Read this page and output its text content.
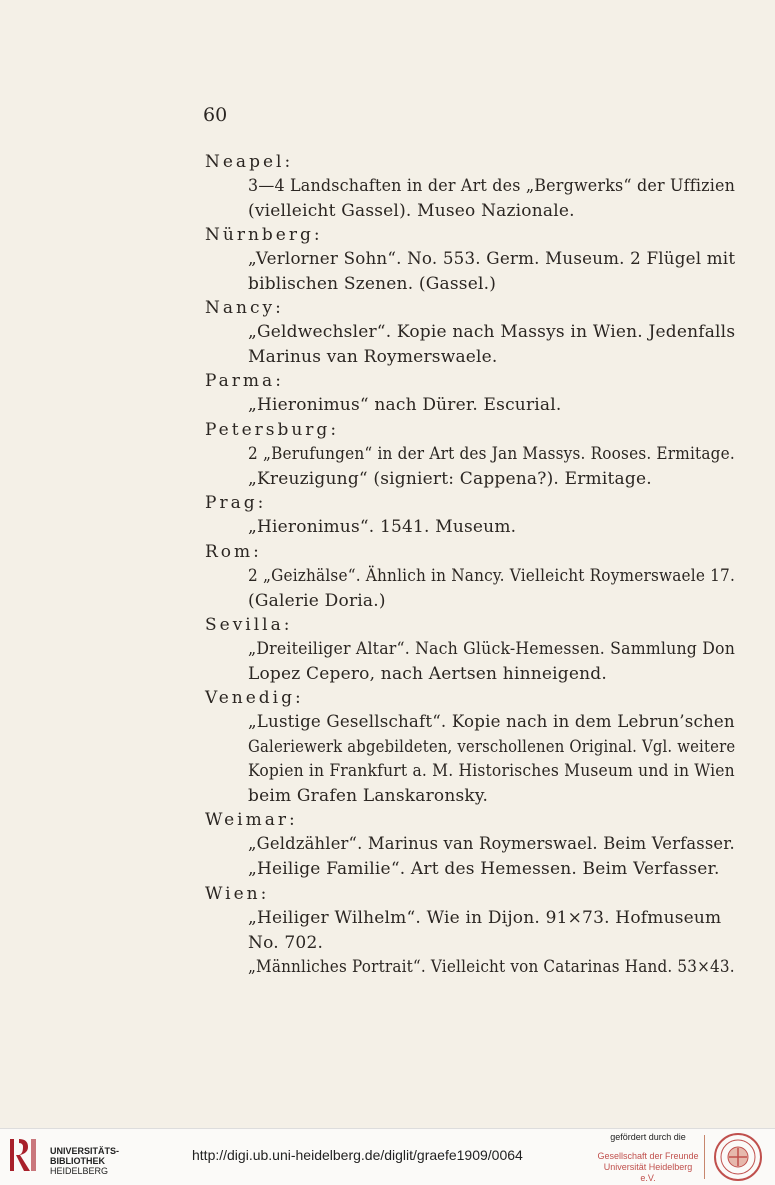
60
Neapel:
3—4 Landschaften in der Art des „Bergwerks“ der Uffizien
(vielleicht Gassel). Museo Nazionale.
Nürnberg:
„Verlorner Sohn“. No. 553. Germ. Museum. 2 Flügel mit
biblischen Szenen. (Gassel.)
Nancy:
„Geldwechsler“. Kopie nach Massys in Wien. Jedenfalls
Marinus van Roymerswaele.
Parma:
„Hieronimus“ nach Dürer. Escurial.
Petersburg:
2 „Berufungen“ in der Art des Jan Massys. Rooses. Ermitage.
„Kreuzigung“ (signiert: Cappena?). Ermitage.
Prag:
„Hieronimus“. 1541. Museum.
Rom:
2 „Geizhälse“. Ähnlich in Nancy. Vielleicht Roymerswaele 17.
(Galerie Doria.)
Sevilla:
„Dreiteiliger Altar“. Nach Glück-Hemessen. Sammlung Don
Lopez Cepero, nach Aertsen hinneigend.
Venedig:
„Lustige Gesellschaft“. Kopie nach in dem Lebrun’schen
Galeriewerk abgebildeten, verschollenen Original. Vgl. weitere
Kopien in Frankfurt a. M. Historisches Museum und in Wien
beim Grafen Lanskaronsky.
Weimar:
„Geldzähler“. Marinus van Roymerswael. Beim Verfasser.
„Heilige Familie“. Art des Hemessen. Beim Verfasser.
Wien:
„Heiliger Wilhelm“. Wie in Dijon. 91×73. Hofmuseum
No. 702.
„Männliches Portrait“. Vielleicht von Catarinas Hand. 53×43.
UNIVERSITÄTS-
BIBLIOTHEK
HEIDELBERG
http://digi.ub.uni-heidelberg.de/diglit/graefe1909/0064
gefördert durch die
Gesellschaft der Freunde
Universität Heidelberg e.V.
